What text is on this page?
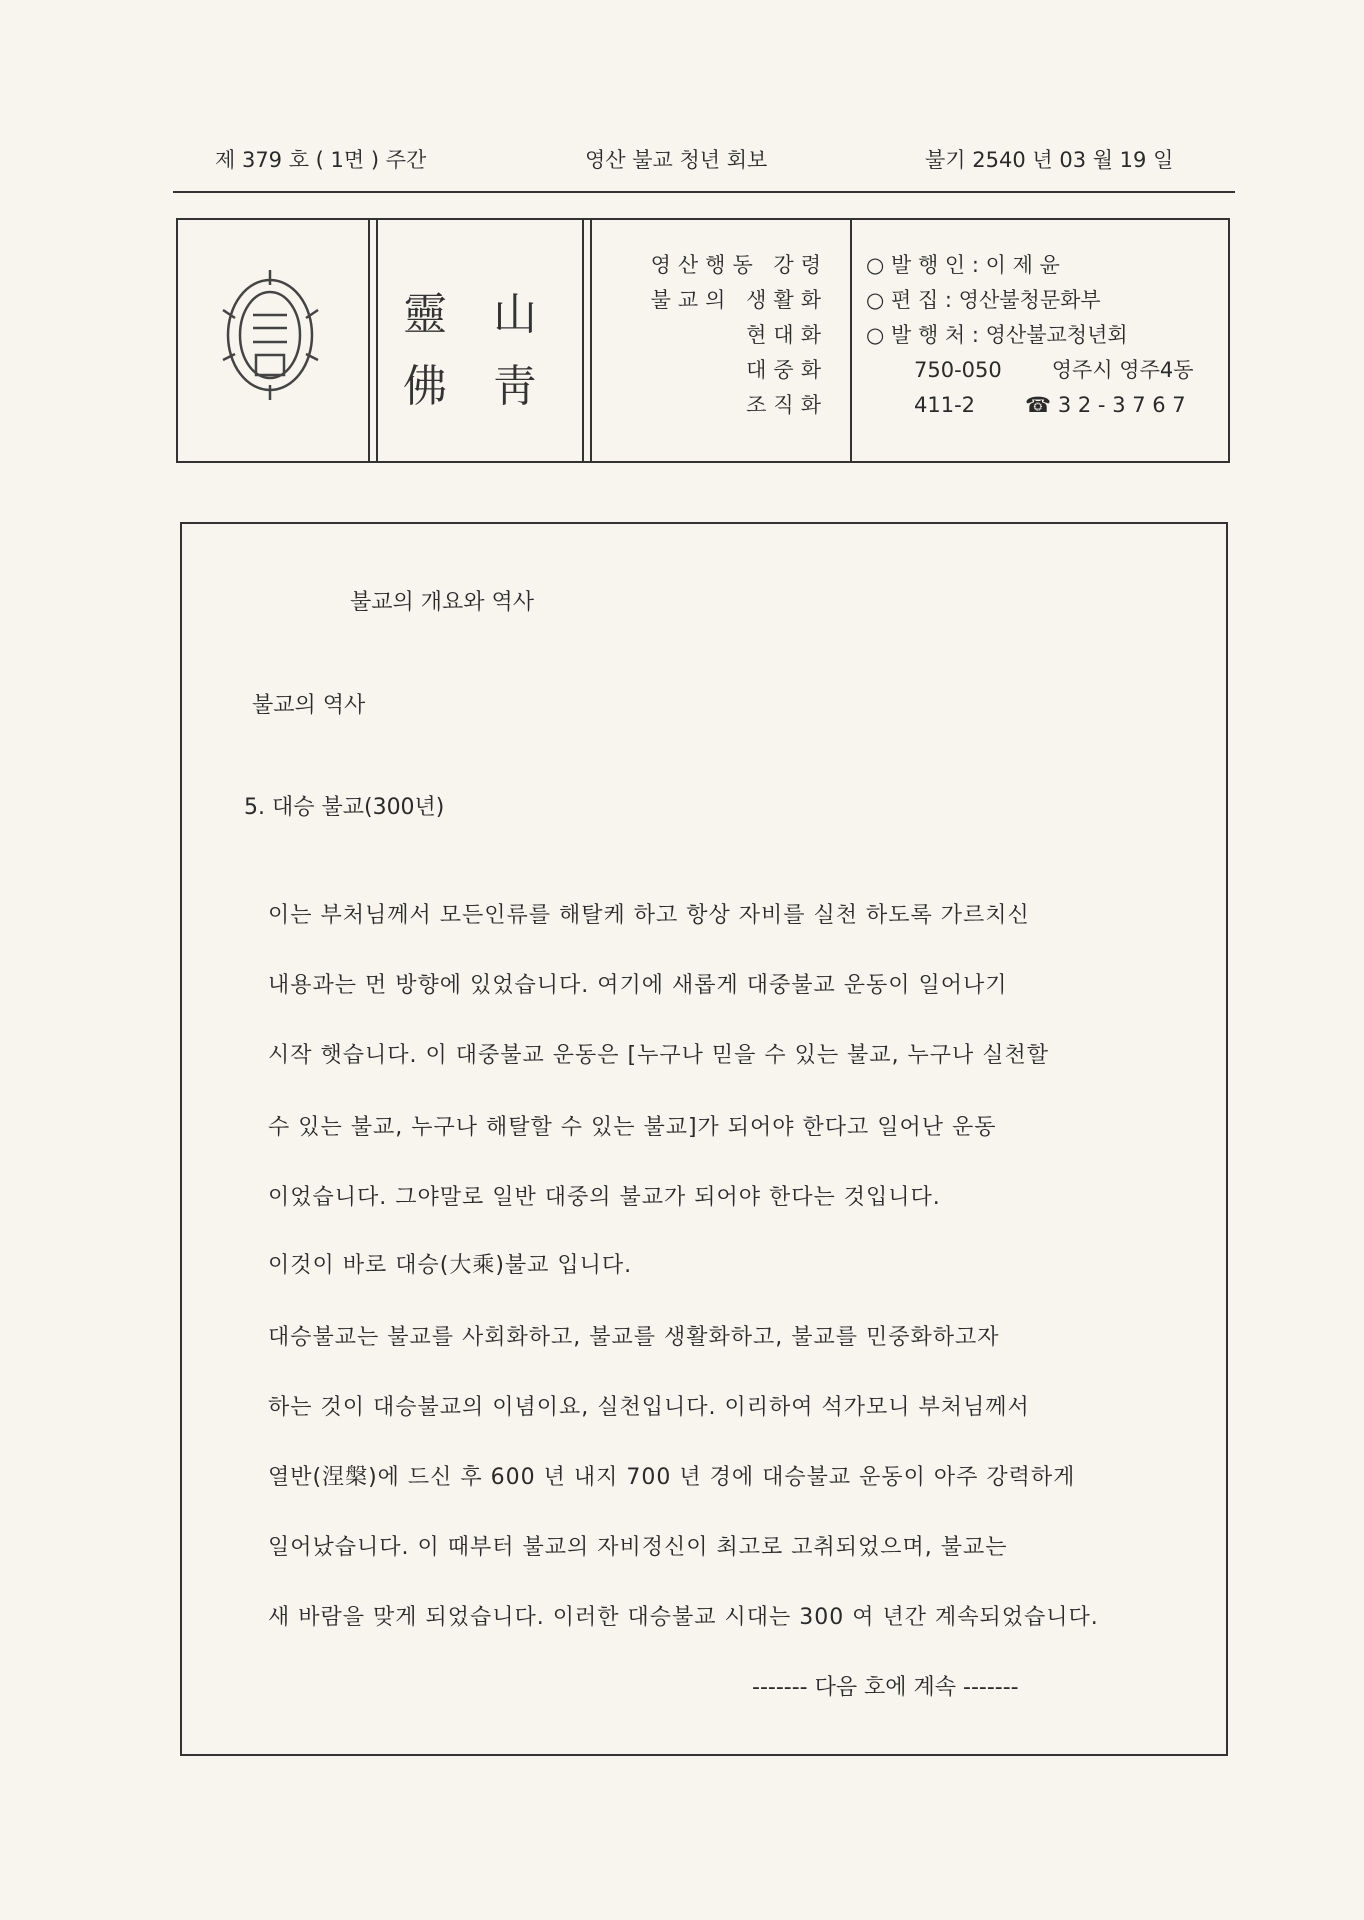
제 379 호 ( 1면 ) 주간	영산 불교 청년 회보	불기 2540 년 03 월 19 일
靈 山
佛 靑
영산행동 강령
불교의 생활화
현대화
대중화
조직화
○ 발 행 인 : 이 제 윤
○ 편 집 : 영산불청문화부
○ 발 행 처 : 영산불교청년회
750-050 영주시 영주4동
411-2 ☎ 3 2 - 3 7 6 7
불교의 개요와 역사
불교의 역사
5. 대승 불교(300년)
이는 부처님께서 모든인류를 해탈케 하고 항상 자비를 실천 하도록 가르치신
내용과는 먼 방향에 있었습니다. 여기에 새롭게 대중불교 운동이 일어나기
시작 햇습니다. 이 대중불교 운동은 [누구나 믿을 수 있는 불교, 누구나 실천할
수 있는 불교, 누구나 해탈할 수 있는 불교]가 되어야 한다고 일어난 운동
이었습니다. 그야말로 일반 대중의 불교가 되어야 한다는 것입니다.
이것이 바로 대승(大乘)불교 입니다.
대승불교는 불교를 사회화하고, 불교를 생활화하고, 불교를 민중화하고자
하는 것이 대승불교의 이념이요, 실천입니다. 이리하여 석가모니 부처님께서
열반(涅槃)에 드신 후 600 년 내지 700 년 경에 대승불교 운동이 아주 강력하게
일어났습니다. 이 때부터 불교의 자비정신이 최고로 고취되었으며, 불교는
새 바람을 맞게 되었습니다. 이러한 대승불교 시대는 300 여 년간 계속되었습니다.
------- 다음 호에 계속 -------
